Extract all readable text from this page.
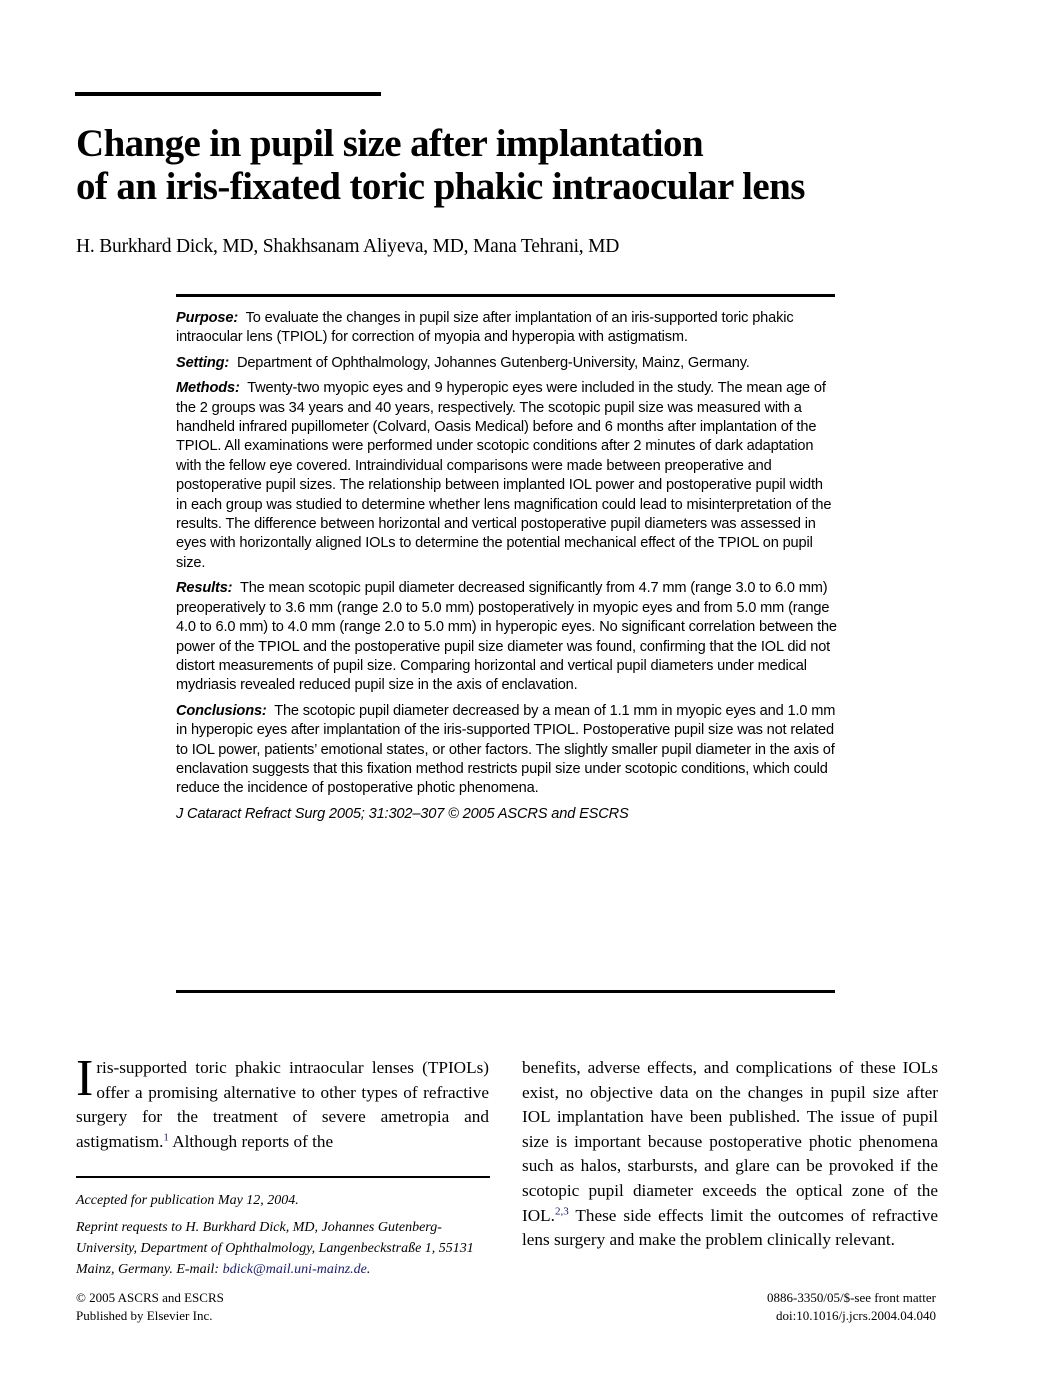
Change in pupil size after implantation
of an iris-fixated toric phakic intraocular lens
H. Burkhard Dick, MD, Shakhsanam Aliyeva, MD, Mana Tehrani, MD

Purpose: To evaluate the changes in pupil size after implantation of an iris-supported toric phakic intraocular lens (TPIOL) for correction of myopia and hyperopia with astigmatism.

Setting: Department of Ophthalmology, Johannes Gutenberg-University, Mainz, Germany.

Methods: Twenty-two myopic eyes and 9 hyperopic eyes were included in the study. The mean age of the 2 groups was 34 years and 40 years, respectively. The scotopic pupil size was measured with a handheld infrared pupillometer (Colvard, Oasis Medical) before and 6 months after implantation of the TPIOL. All examinations were performed under scotopic conditions after 2 minutes of dark adaptation with the fellow eye covered. Intraindividual comparisons were made between preoperative and postoperative pupil sizes. The relationship between implanted IOL power and postoperative pupil width in each group was studied to determine whether lens magnification could lead to misinterpretation of the results. The difference between horizontal and vertical postoperative pupil diameters was assessed in eyes with horizontally aligned IOLs to determine the potential mechanical effect of the TPIOL on pupil size.

Results: The mean scotopic pupil diameter decreased significantly from 4.7 mm (range 3.0 to 6.0 mm) preoperatively to 3.6 mm (range 2.0 to 5.0 mm) postoperatively in myopic eyes and from 5.0 mm (range 4.0 to 6.0 mm) to 4.0 mm (range 2.0 to 5.0 mm) in hyperopic eyes. No significant correlation between the power of the TPIOL and the postoperative pupil size diameter was found, confirming that the IOL did not distort measurements of pupil size. Comparing horizontal and vertical pupil diameters under medical mydriasis revealed reduced pupil size in the axis of enclavation.

Conclusions: The scotopic pupil diameter decreased by a mean of 1.1 mm in myopic eyes and 1.0 mm in hyperopic eyes after implantation of the iris-supported TPIOL. Postoperative pupil size was not related to IOL power, patients’ emotional states, or other factors. The slightly smaller pupil diameter in the axis of enclavation suggests that this fixation method restricts pupil size under scotopic conditions, which could reduce the incidence of postoperative photic phenomena.

J Cataract Refract Surg 2005; 31:302–307 © 2005 ASCRS and ESCRS

Iris-supported toric phakic intraocular lenses (TPIOLs) offer a promising alternative to other types of refractive surgery for the treatment of severe ametropia and astigmatism.$^1$ Although reports of the
benefits, adverse effects, and complications of these IOLs exist, no objective data on the changes in pupil size after IOL implantation have been published. The issue of pupil size is important because postoperative photic phenomena such as halos, starbursts, and glare can be provoked if the scotopic pupil diameter exceeds the optical zone of the IOL.$^{2,3}$ These side effects limit the outcomes of refractive lens surgery and make the problem clinically relevant.

Accepted for publication May 12, 2004.

Reprint requests to H. Burkhard Dick, MD, Johannes Gutenberg-University, Department of Ophthalmology, Langenbeckstraße 1, 55131 Mainz, Germany. E-mail: bdick@mail.uni-mainz.de.

© 2005 ASCRS and ESCRS
Published by Elsevier Inc.
0886-3350/05/$-see front matter
doi:10.1016/j.jcrs.2004.04.040
